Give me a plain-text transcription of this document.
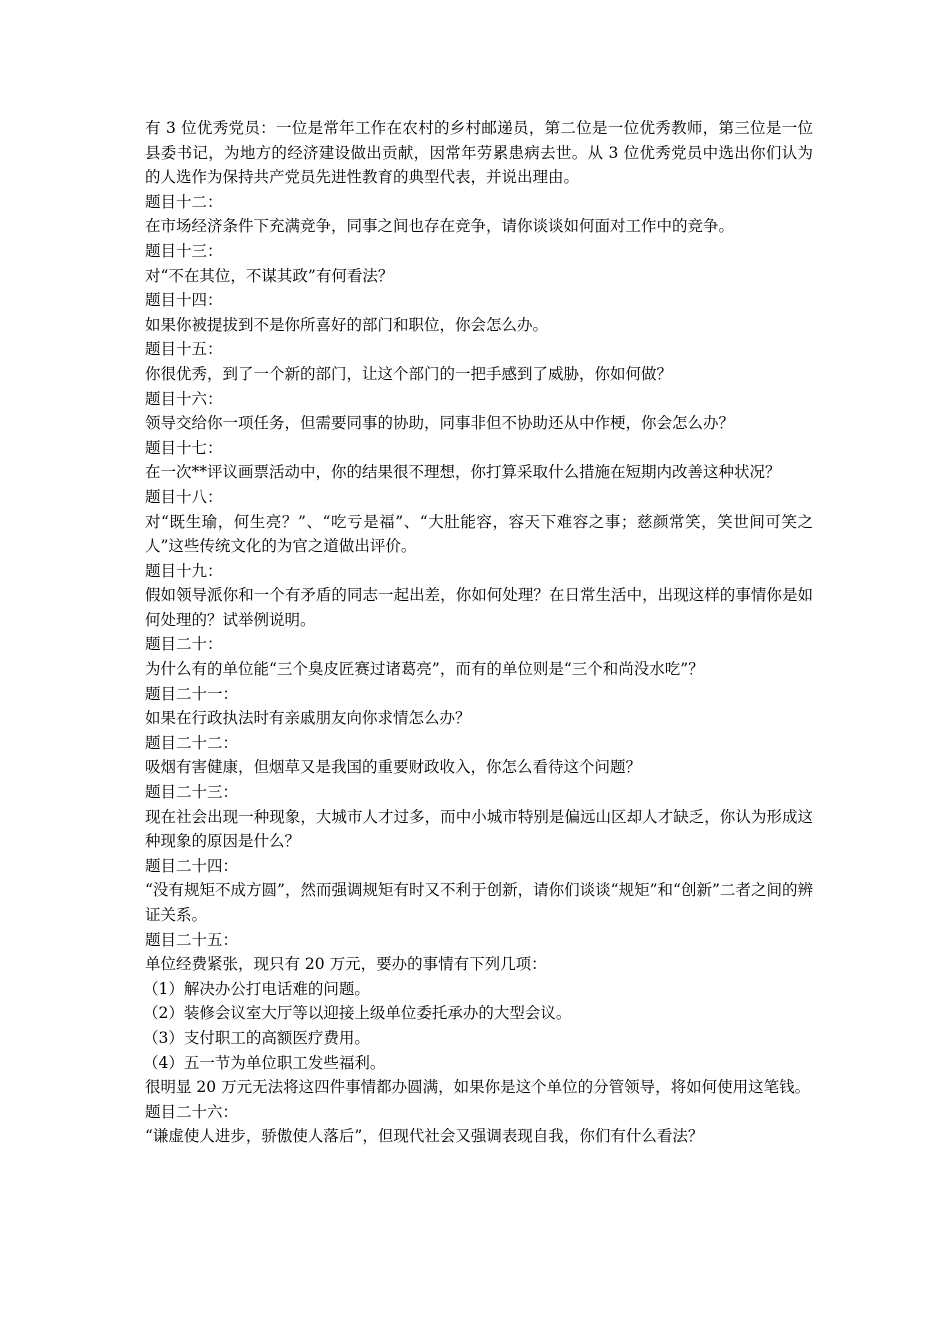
有 3 位优秀党员：一位是常年工作在农村的乡村邮递员，第二位是一位优秀教师，第三位是一位县委书记，为地方的经济建设做出贡献，因常年劳累患病去世。从 3 位优秀党员中选出你们认为的人选作为保持共产党员先进性教育的典型代表，并说出理由。

题目十二：

在市场经济条件下充满竞争，同事之间也存在竞争，请你谈谈如何面对工作中的竞争。

题目十三：

对“不在其位，不谋其政”有何看法？

题目十四：

如果你被提拔到不是你所喜好的部门和职位，你会怎么办。

题目十五：

你很优秀，到了一个新的部门，让这个部门的一把手感到了威胁，你如何做？

题目十六：

领导交给你一项任务，但需要同事的协助，同事非但不协助还从中作梗，你会怎么办？

题目十七：

在一次**评议画票活动中，你的结果很不理想，你打算采取什么措施在短期内改善这种状况？

题目十八：

对“既生瑜，何生亮？”、“吃亏是福”、“大肚能容，容天下难容之事；慈颜常笑，笑世间可笑之人”这些传统文化的为官之道做出评价。

题目十九：

假如领导派你和一个有矛盾的同志一起出差，你如何处理？在日常生活中，出现这样的事情你是如何处理的？试举例说明。

题目二十：

为什么有的单位能“三个臭皮匠赛过诸葛亮”，而有的单位则是“三个和尚没水吃”？

题目二十一：

如果在行政执法时有亲戚朋友向你求情怎么办？

题目二十二：

吸烟有害健康，但烟草又是我国的重要财政收入，你怎么看待这个问题？

题目二十三：

现在社会出现一种现象，大城市人才过多，而中小城市特别是偏远山区却人才缺乏，你认为形成这种现象的原因是什么？

题目二十四：

“没有规矩不成方圆”，然而强调规矩有时又不利于创新，请你们谈谈“规矩”和“创新”二者之间的辨证关系。

题目二十五：

单位经费紧张，现只有 20 万元，要办的事情有下列几项：

（1）解决办公打电话难的问题。

（2）装修会议室大厅等以迎接上级单位委托承办的大型会议。

（3）支付职工的高额医疗费用。

（4）五一节为单位职工发些福利。

很明显 20 万元无法将这四件事情都办圆满，如果你是这个单位的分管领导，将如何使用这笔钱。

题目二十六：

“谦虚使人进步，骄傲使人落后”，但现代社会又强调表现自我，你们有什么看法？
